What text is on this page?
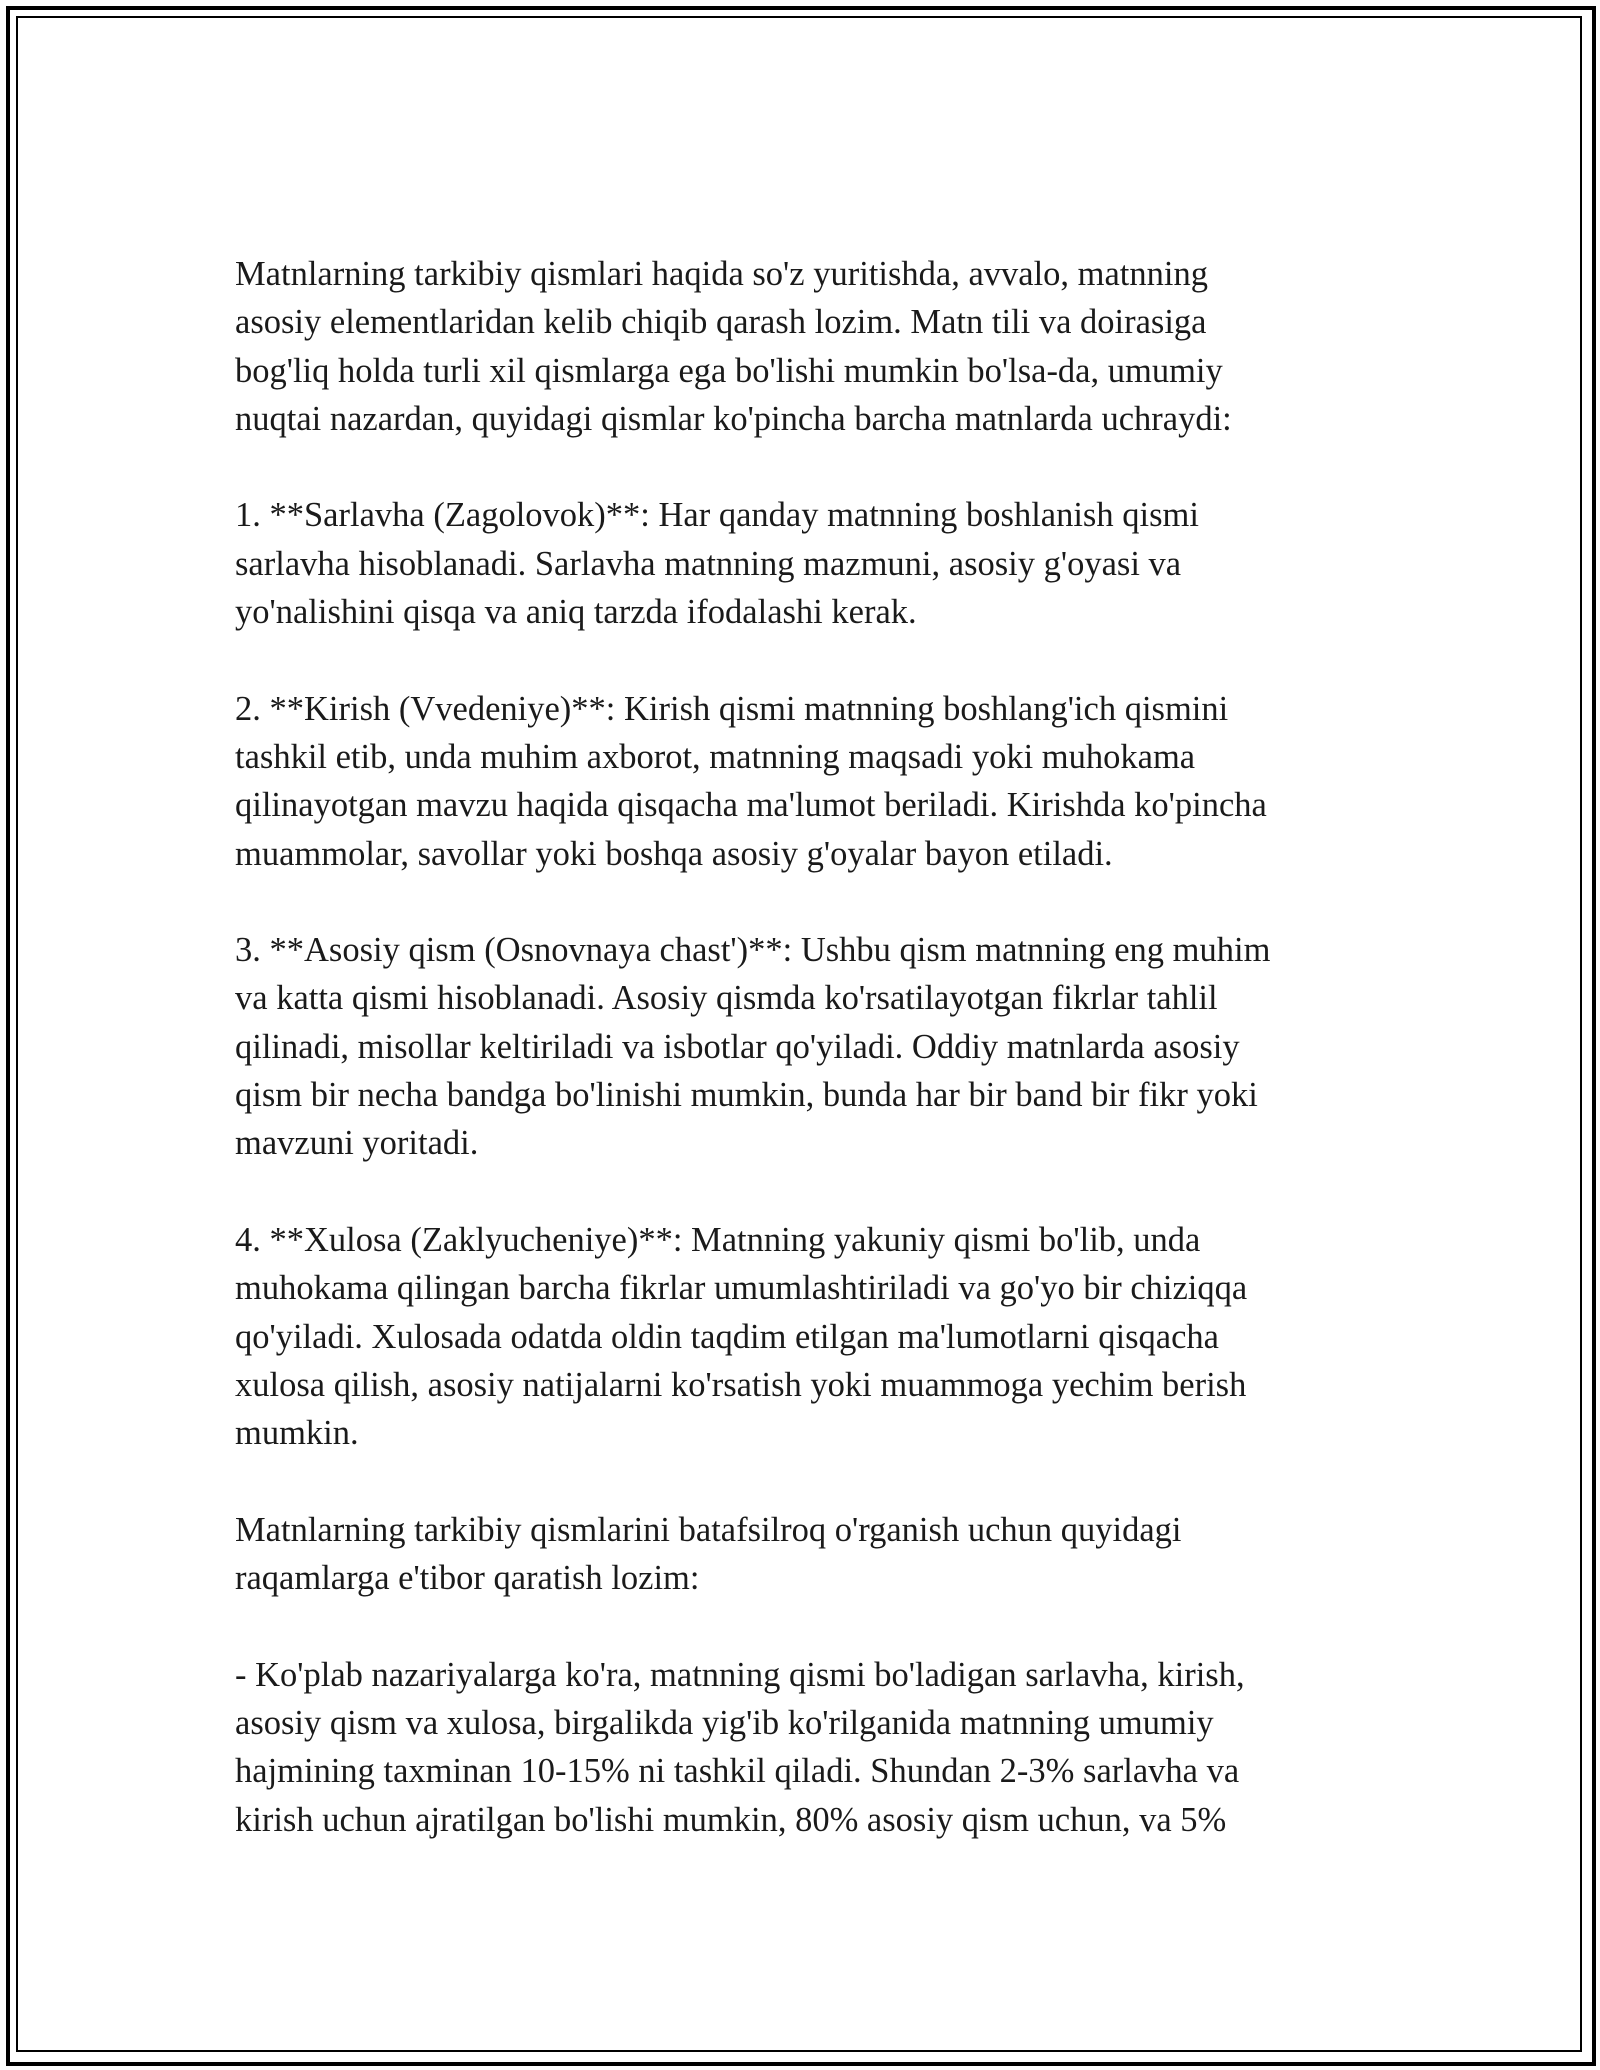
Matnlarning tarkibiy qismlari haqida so'z yuritishda, avvalo, matnning
asosiy elementlaridan kelib chiqib qarash lozim. Matn tili va doirasiga
bog'liq holda turli xil qismlarga ega bo'lishi mumkin bo'lsa-da, umumiy
nuqtai nazardan, quyidagi qismlar ko'pincha barcha matnlarda uchraydi:

1. **Sarlavha (Zagolovok)**: Har qanday matnning boshlanish qismi
sarlavha hisoblanadi. Sarlavha matnning mazmuni, asosiy g'oyasi va
yo'nalishini qisqa va aniq tarzda ifodalashi kerak.

2. **Kirish (Vvedeniye)**: Kirish qismi matnning boshlang'ich qismini
tashkil etib, unda muhim axborot, matnning maqsadi yoki muhokama
qilinayotgan mavzu haqida qisqacha ma'lumot beriladi. Kirishda ko'pincha
muammolar, savollar yoki boshqa asosiy g'oyalar bayon etiladi.

3. **Asosiy qism (Osnovnaya chast')**: Ushbu qism matnning eng muhim
va katta qismi hisoblanadi. Asosiy qismda ko'rsatilayotgan fikrlar tahlil
qilinadi, misollar keltiriladi va isbotlar qo'yiladi. Oddiy matnlarda asosiy
qism bir necha bandga bo'linishi mumkin, bunda har bir band bir fikr yoki
mavzuni yoritadi.

4. **Xulosa (Zaklyucheniye)**: Matnning yakuniy qismi bo'lib, unda
muhokama qilingan barcha fikrlar umumlashtiriladi va go'yo bir chiziqqa
qo'yiladi. Xulosada odatda oldin taqdim etilgan ma'lumotlarni qisqacha
xulosa qilish, asosiy natijalarni ko'rsatish yoki muammoga yechim berish
mumkin.

Matnlarning tarkibiy qismlarini batafsilroq o'rganish uchun quyidagi
raqamlarga e'tibor qaratish lozim:

- Ko'plab nazariyalarga ko'ra, matnning qismi bo'ladigan sarlavha, kirish,
asosiy qism va xulosa, birgalikda yig'ib ko'rilganida matnning umumiy
hajmining taxminan 10-15% ni tashkil qiladi. Shundan 2-3% sarlavha va
kirish uchun ajratilgan bo'lishi mumkin, 80% asosiy qism uchun, va 5%
